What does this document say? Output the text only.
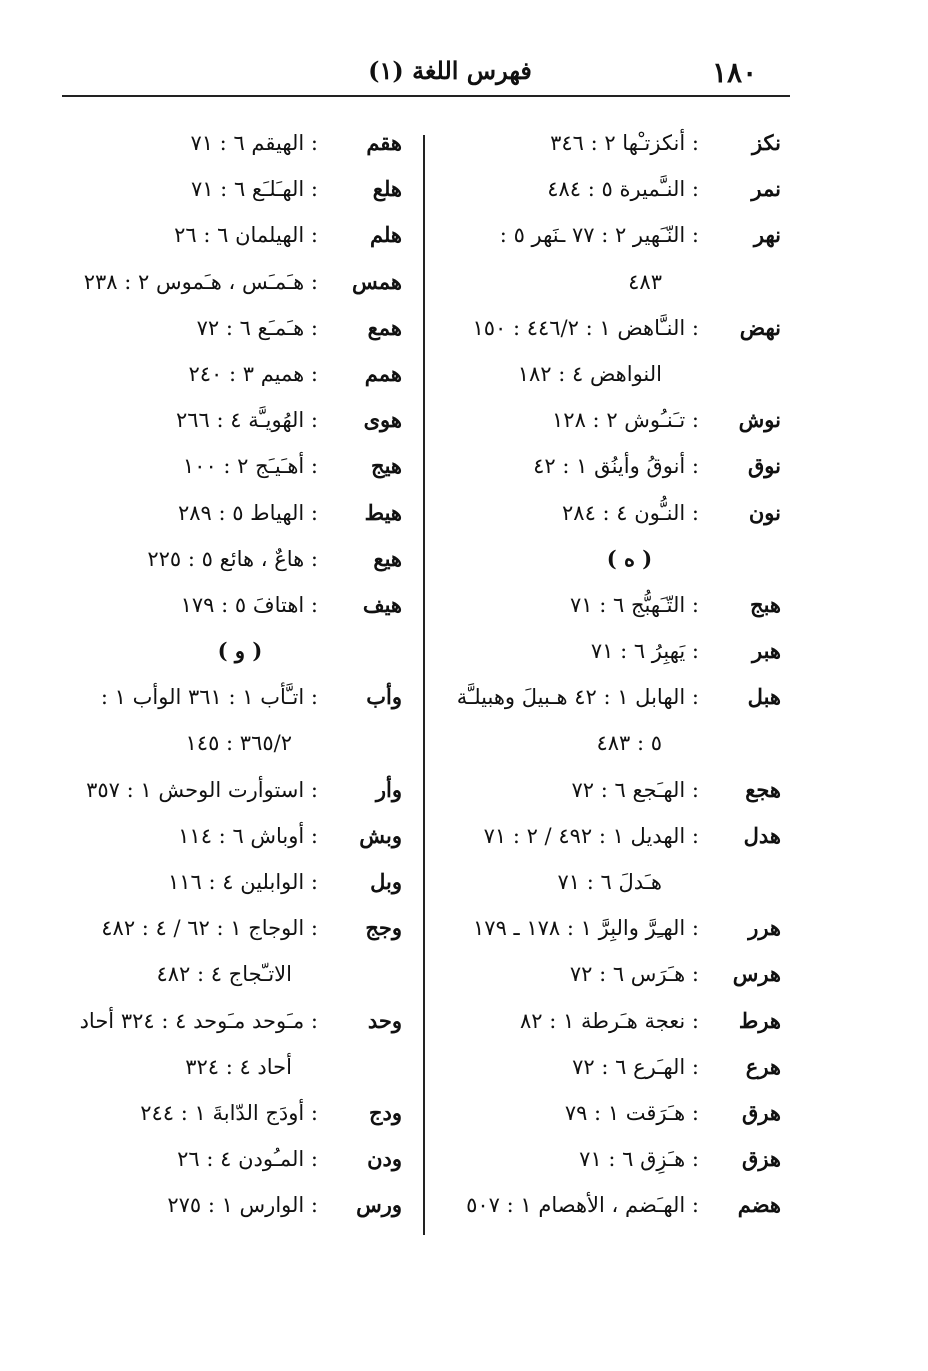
١٨٠
فهرس اللغة (١)
نكز
: أنكزتـْها ٢ : ٣٤٦
نمر
: النـَّميرة ٥ : ٤٨٤
نهر
: النّـَهير ٢ : ٧٧ ـنَهر ٥ :
٤٨٣
نهض
: النـَّاهض ١ : ٤٤٦/٢ : ١٥٠
النواهض ٤ : ١٨٢
نوش
: تـَنـُوش ٢ : ١٢٨
نوق
: أنوقُ وأينُق ١ : ٤٢
نون
: النـُّون ٤ : ٢٨٤
( ه )
هبج
: التّـَهبُّج ٦ : ٧١
هبر
: يَهبِرُ ٦ : ٧١
هبل
: الهابل ١ : ٤٢ هـبيلَ وهبيلـَّة
٥ : ٤٨٣
هجع
: الهـَجع ٦ : ٧٢
هدل
: الهديل ١ : ٤٩٢ / ٢ : ٧١
هـَدلَ ٦ : ٧١
هرر
: الهـِرَّ والبِرَّ ١ : ١٧٨ ـ ١٧٩
هرس
: هـَرَس ٦ : ٧٢
هرط
: نعجة هـَرطة ١ : ٨٢
هرع
: الهـَرع ٦ : ٧٢
هرق
: هـَرَقت ١ : ٧٩
هزق
: هـَزِق ٦ : ٧١
هضم
: الهـَضم ، الأهصام ١ : ٥٠٧
هقم
: الهيقم ٦ : ٧١
هلع
: الهـَلـَع ٦ : ٧١
هلم
: الهيلمان ٦ : ٢٦
همس
: هـَمـَس ، هـَموس ٢ : ٢٣٨
همع
: هـَمـَع ٦ : ٧٢
همم
: هميم ٣ : ٢٤٠
هوى
: الهُويـَّة ٤ : ٢٦٦
هيج
: أهـَيـَج ٢ : ١٠٠
هيط
: الهياط ٥ : ٢٨٩
هيع
: هاعٌ ، هائع ٥ : ٢٢٥
هيف
: اهتافَ ٥ : ١٧٩
( و )
وأب
: اتـَّأب ١ : ٣٦١ الوأب ١ :
٣٦٥/٢ : ١٤٥
وأر
: استوأرت الوحش ١ : ٣٥٧
وبش
: أوباش ٦ : ١١٤
وبل
: الوابلين ٤ : ١١٦
وجج
: الوجاج ١ : ٦٢ / ٤ : ٤٨٢
الاتـّجاج ٤ : ٤٨٢
وحد
: مـَوحد مـَوحد ٤ : ٣٢٤ أحاد
أحاد ٤ : ٣٢٤
ودج
: أودَج الدّابةَ ١ : ٢٤٤
ودن
: المـُودن ٤ : ٢٦
ورس
: الوارس ١ : ٢٧٥
